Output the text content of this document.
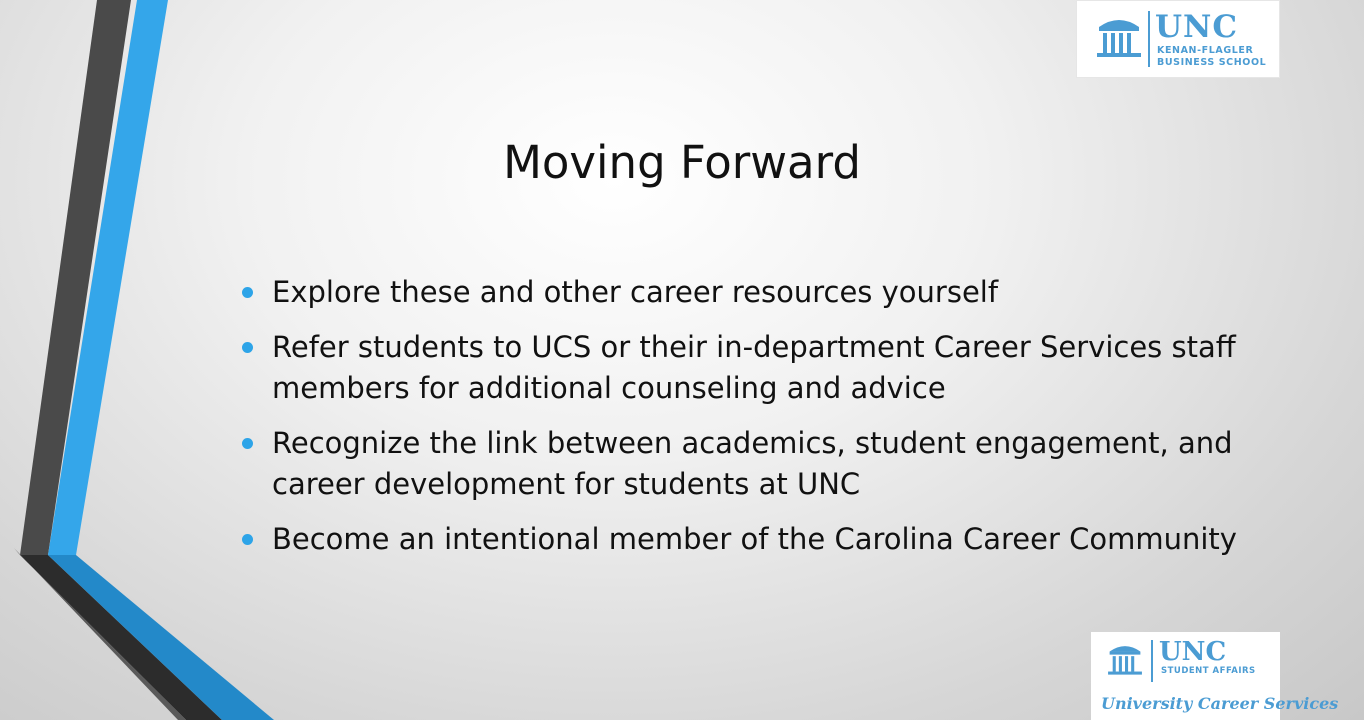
UNC
KENAN-FLAGLER
BUSINESS SCHOOL
Moving Forward
Explore these and other career resources yourself
Refer students to UCS or their in-department Career Services staff members for additional counseling and advice
Recognize the link between academics, student engagement, and career development for students at UNC
Become an intentional member of the Carolina Career Community
UNC
STUDENT AFFAIRS
University Career Services
